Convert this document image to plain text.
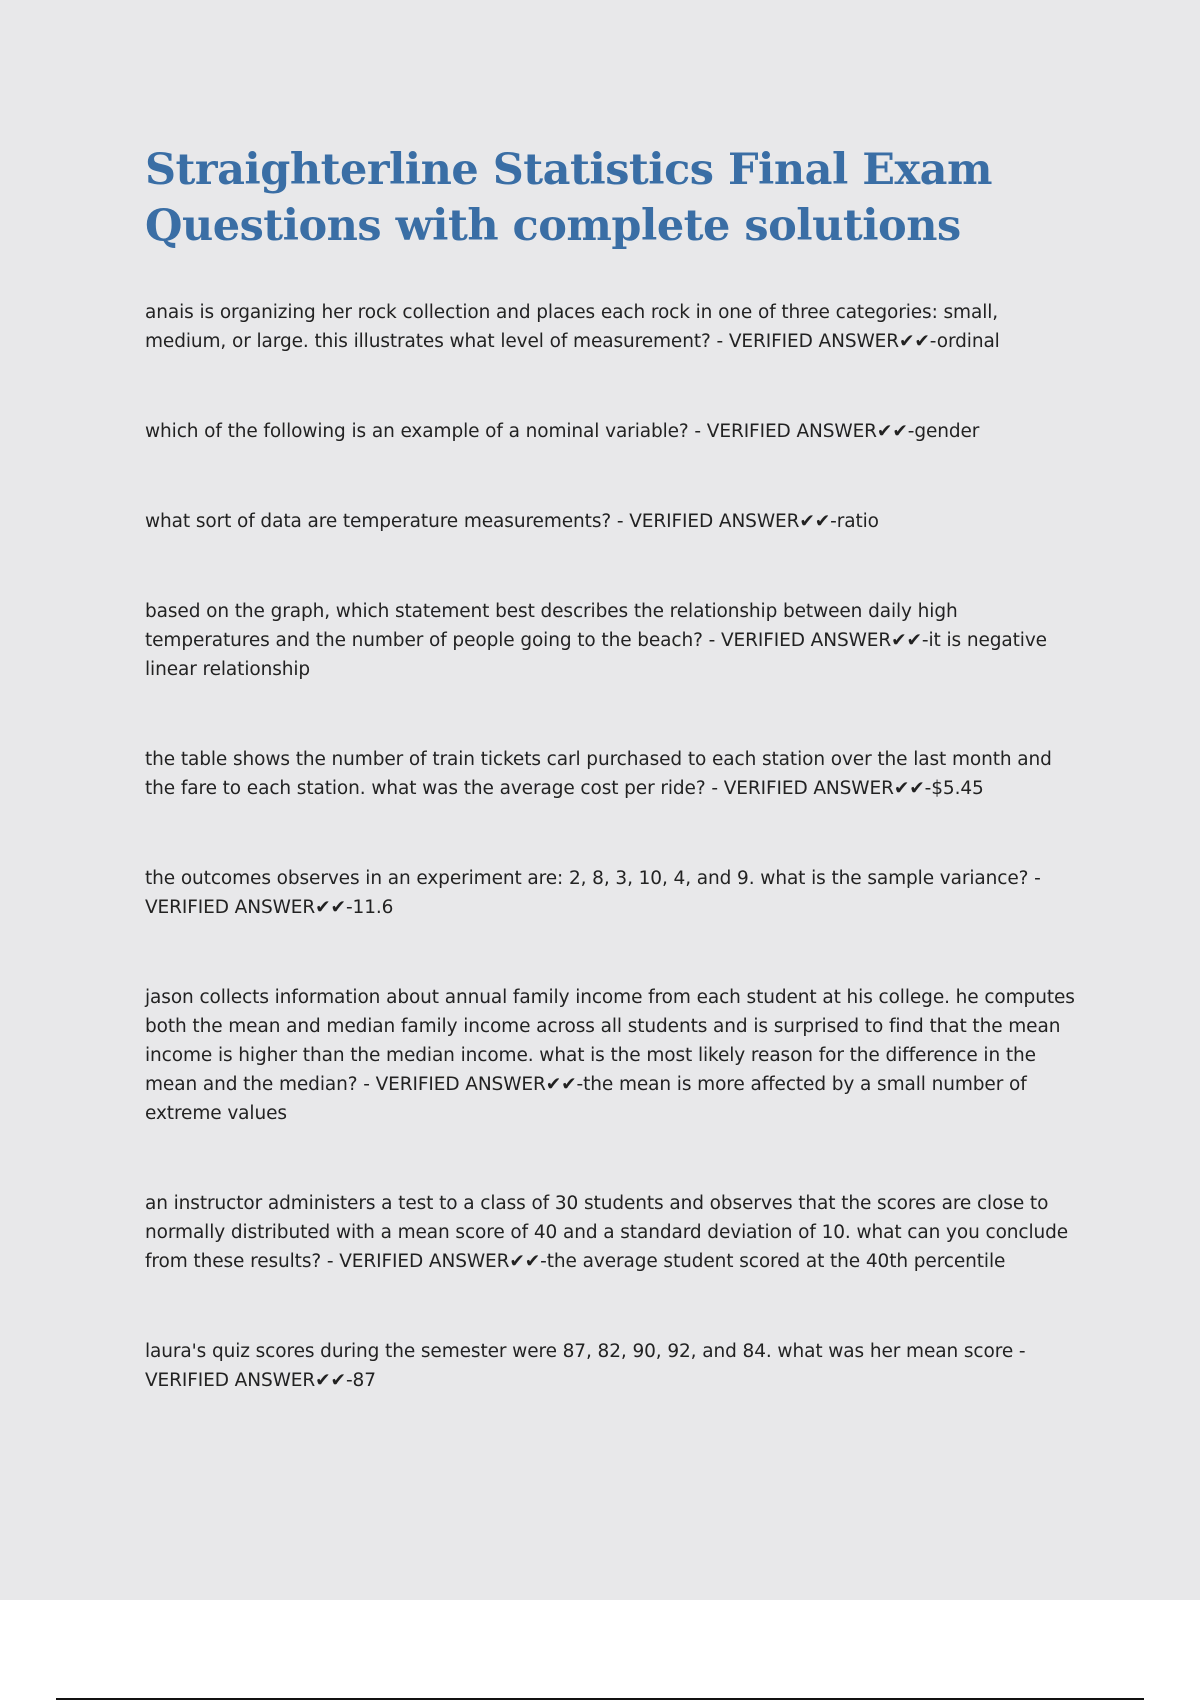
Straighterline Statistics Final Exam
Questions with complete solutions
anais is organizing her rock collection and places each rock in one of three categories: small, medium, or large. this illustrates what level of measurement? - VERIFIED ANSWER✔✔-ordinal
which of the following is an example of a nominal variable? - VERIFIED ANSWER✔✔-gender
what sort of data are temperature measurements? - VERIFIED ANSWER✔✔-ratio
based on the graph, which statement best describes the relationship between daily high temperatures and the number of people going to the beach? - VERIFIED ANSWER✔✔-it is negative linear relationship
the table shows the number of train tickets carl purchased to each station over the last month and the fare to each station. what was the average cost per ride? - VERIFIED ANSWER✔✔-$5.45
the outcomes observes in an experiment are: 2, 8, 3, 10, 4, and 9. what is the sample variance? - VERIFIED ANSWER✔✔-11.6
jason collects information about annual family income from each student at his college. he computes both the mean and median family income across all students and is surprised to find that the mean income is higher than the median income. what is the most likely reason for the difference in the mean and the median? - VERIFIED ANSWER✔✔-the mean is more affected by a small number of extreme values
an instructor administers a test to a class of 30 students and observes that the scores are close to normally distributed with a mean score of 40 and a standard deviation of 10. what can you conclude from these results? - VERIFIED ANSWER✔✔-the average student scored at the 40th percentile
laura's quiz scores during the semester were 87, 82, 90, 92, and 84. what was her mean score - VERIFIED ANSWER✔✔-87
